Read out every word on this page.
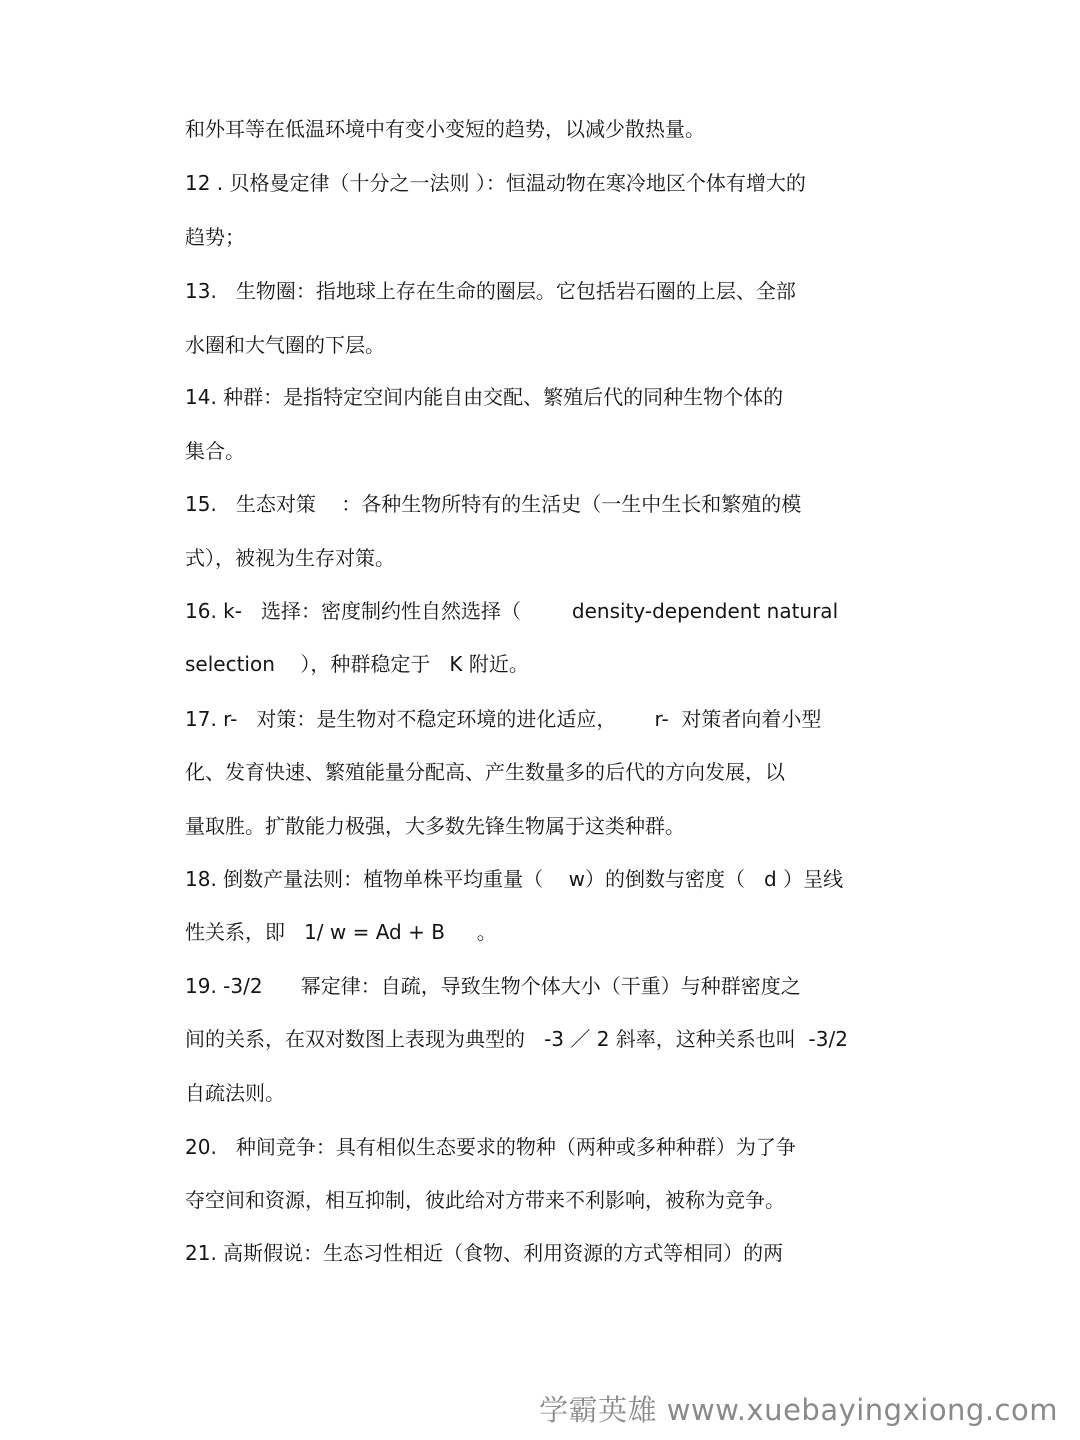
和外耳等在低温环境中有变小变短的趋势，以减少散热量。
12 . 贝格曼定律（十分之一法则 ）：恒温动物在寒冷地区个体有增大的
趋势；
13.   生物圈：指地球上存在生命的圈层。它包括岩石圈的上层、全部
水圈和大气圈的下层。
14. 种群：是指特定空间内能自由交配、繁殖后代的同种生物个体的
集合。
15.   生态对策    ：各种生物所特有的生活史（一生中生长和繁殖的模
式），被视为生存对策。
16. k-   选择：密度制约性自然选择（        density-dependent natural
selection    ），种群稳定于   K 附近。
17. r-   对策：是生物对不稳定环境的进化适应，      r-  对策者向着小型
化、发育快速、繁殖能量分配高、产生数量多的后代的方向发展，以
量取胜。扩散能力极强，大多数先锋生物属于这类种群。
18. 倒数产量法则：植物单株平均重量（    w）的倒数与密度（   d ）呈线
性关系，即   1/ w = Ad + B     。
19. -3/2      幂定律：自疏，导致生物个体大小（干重）与种群密度之
间的关系，在双对数图上表现为典型的   -3 ／ 2 斜率，这种关系也叫  -3/2
自疏法则。
20.   种间竞争：具有相似生态要求的物种（两种或多种种群）为了争
夺空间和资源，相互抑制，彼此给对方带来不利影响，被称为竞争。
21. 高斯假说：生态习性相近（食物、利用资源的方式等相同）的两
学霸英雄 www.xuebayingxiong.com
